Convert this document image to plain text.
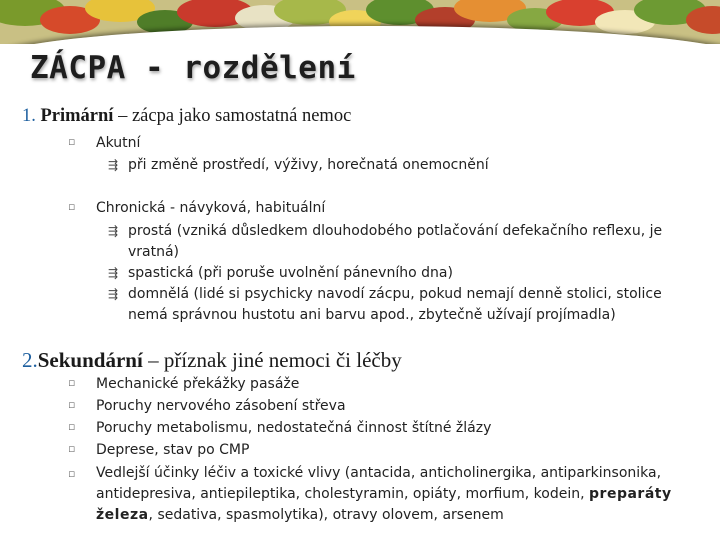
ZÁCPA - rozdělení
1. Primární – zácpa jako samostatná nemoc
▫ Akutní
⇶ při změně prostředí, výživy, horečnatá onemocnění
▫ Chronická - návyková, habituální
⇶ prostá (vzniká důsledkem dlouhodobého potlačování defekačního reflexu, je vratná)
⇶ spastická (při poruše uvolnění pánevního dna)
⇶ domnělá (lidé si psychicky navodí zácpu, pokud nemají denně stolici, stolice nemá správnou hustotu ani barvu apod., zbytečně užívají projímadla)
2.Sekundární – příznak jiné nemoci či léčby
▫ Mechanické překážky pasáže
▫ Poruchy nervového zásobení střeva
▫ Poruchy metabolismu, nedostatečná činnost štítné žlázy
▫ Deprese, stav po CMP
▫ Vedlejší účinky léčiv a toxické vlivy (antacida, anticholinergika, antiparkinsonika, antidepresiva, antiepileptika, cholestyramin, opiáty, morfium, kodein, preparáty železa, sedativa, spasmolytika), otravy olovem, arsenem
